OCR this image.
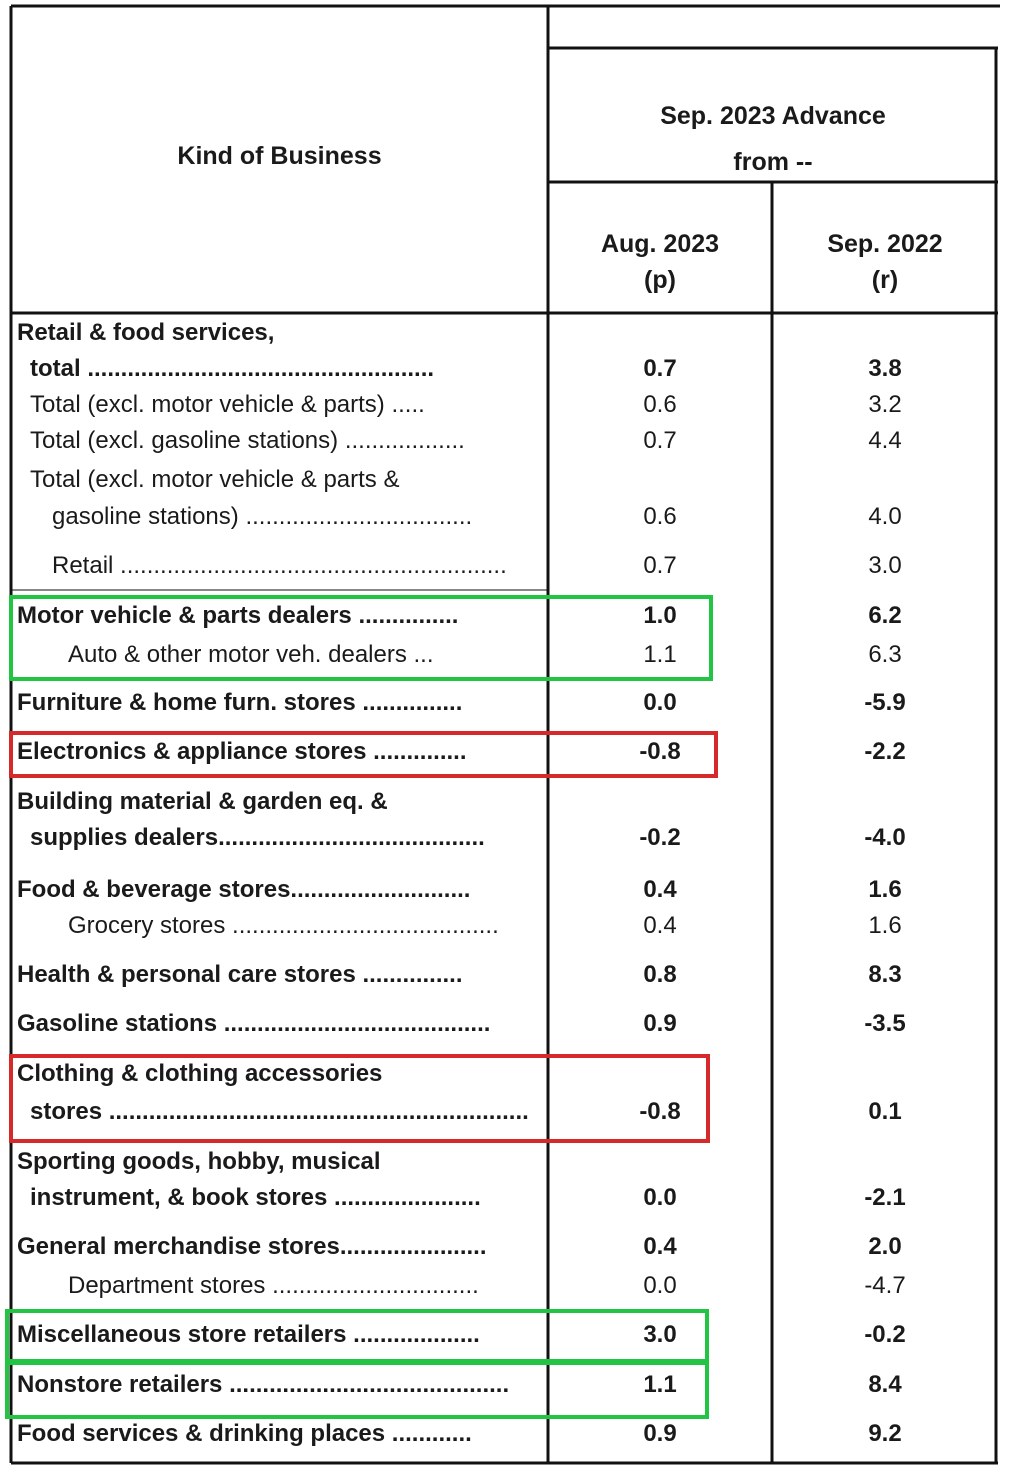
Kind of Business
Sep. 2023 Advance
from --
Aug. 2023
(p)
Sep. 2022
(r)
Retail & food services,
total ....................................................	0.7	3.8
Total (excl. motor vehicle & parts) .....	0.6	3.2
Total (excl. gasoline stations) ..................	0.7	4.4
Total (excl. motor vehicle & parts &
gasoline stations) ..................................	0.6	4.0
Retail ..........................................................	0.7	3.0
Motor vehicle & parts dealers ...............	1.0	6.2
Auto & other motor veh. dealers ...	1.1	6.3
Furniture & home furn. stores ...............	0.0	-5.9
Electronics & appliance stores ..............	-0.8	-2.2
Building material & garden eq. &
supplies dealers........................................	-0.2	-4.0
Food & beverage stores...........................	0.4	1.6
Grocery stores ........................................	0.4	1.6
Health & personal care stores ...............	0.8	8.3
Gasoline stations ........................................	0.9	-3.5
Clothing & clothing accessories
stores ...............................................................	-0.8	0.1
Sporting goods, hobby, musical
instrument, & book stores ......................	0.0	-2.1
General merchandise stores......................	0.4	2.0
Department stores ...............................	0.0	-4.7
Miscellaneous store retailers ...................	3.0	-0.2
Nonstore retailers ..........................................	1.1	8.4
Food services & drinking places ............	0.9	9.2
